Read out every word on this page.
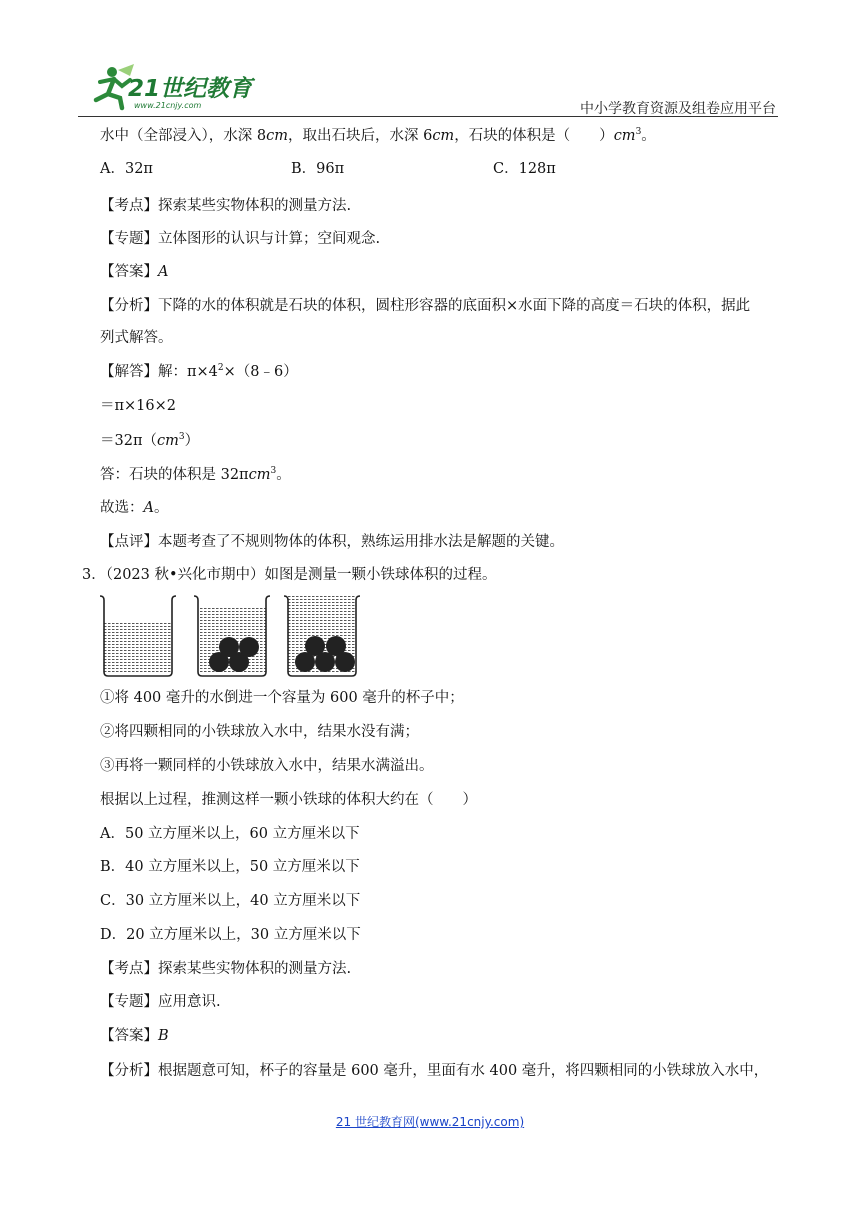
21世纪教育
www.21cnjy.com	中小学教育资源及组卷应用平台
水中（全部浸入），水深 8cm，取出石块后，水深 6cm，石块的体积是（　　）$cm^3$。
A．32π	B．96π	C．128π
【考点】探索某些实物体积的测量方法.
【专题】立体图形的认识与计算；空间观念.
【答案】A
【分析】下降的水的体积就是石块的体积，圆柱形容器的底面积×水面下降的高度＝石块的体积，据此
列式解答。
【解答】解：$\pi\times 4^2\times(8﹣6)$
＝π×16×2
$=32\pi(cm^3)$
答：石块的体积是 32πcm$^3$。
故选：A。
【点评】本题考查了不规则物体的体积，熟练运用排水法是解题的关键。
3．（2023 秋•兴化市期中）如图是测量一颗小铁球体积的过程。
①将 400 毫升的水倒进一个容量为 600 毫升的杯子中；
②将四颗相同的小铁球放入水中，结果水没有满；
③再将一颗同样的小铁球放入水中，结果水满溢出。
根据以上过程，推测这样一颗小铁球的体积大约在（　　）
A．50 立方厘米以上，60 立方厘米以下
B．40 立方厘米以上，50 立方厘米以下
C．30 立方厘米以上，40 立方厘米以下
D．20 立方厘米以上，30 立方厘米以下
【考点】探索某些实物体积的测量方法.
【专题】应用意识.
【答案】B
【分析】根据题意可知，杯子的容量是 600 毫升，里面有水 400 毫升，将四颗相同的小铁球放入水中，
21 世纪教育网(www.21cnjy.com)
